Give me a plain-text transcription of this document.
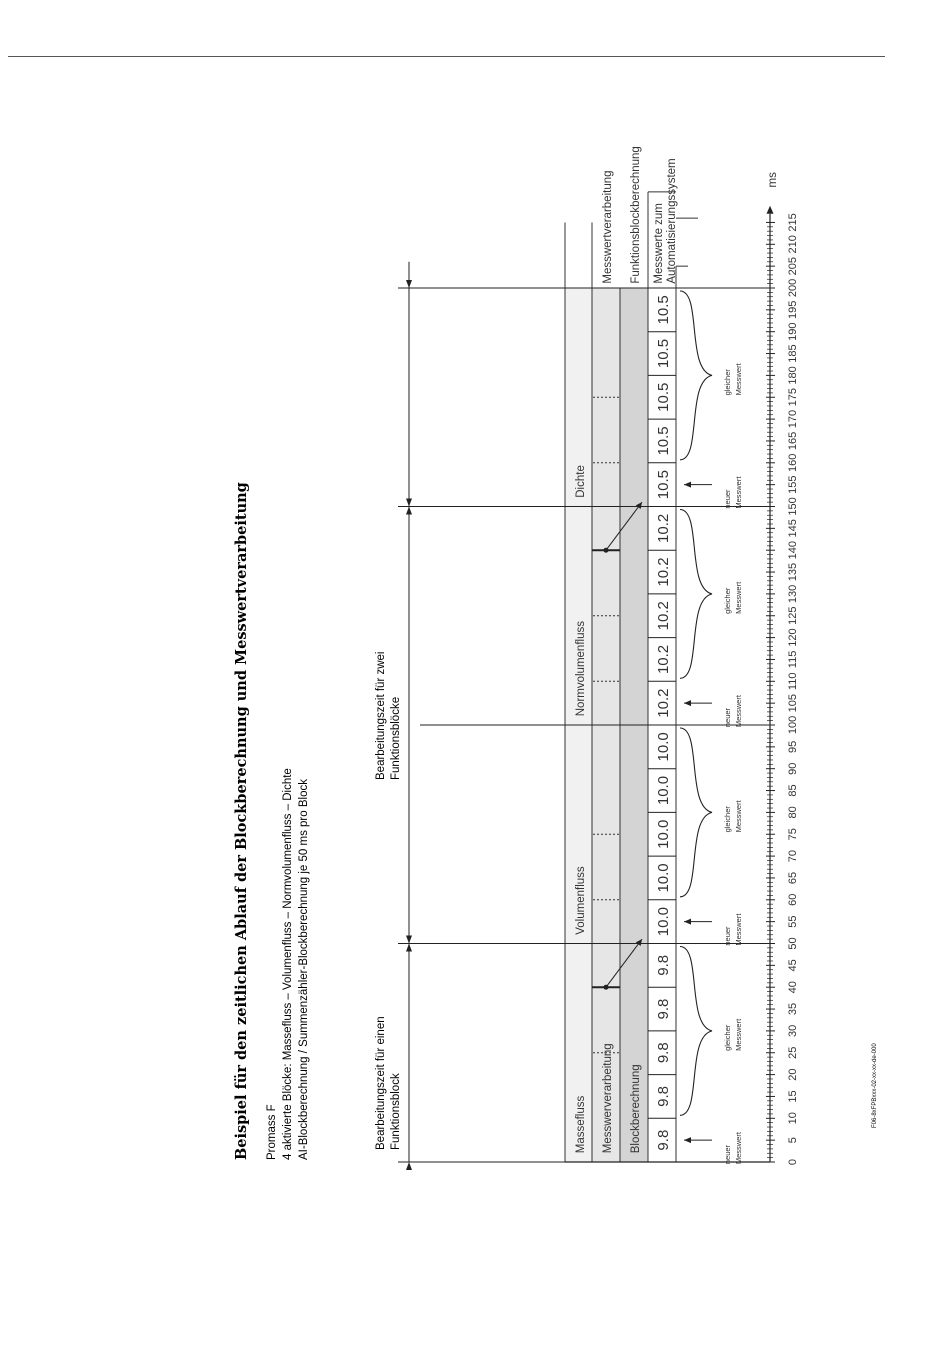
Massefluss
Volumenfluss
Normvolumenfluss
Dichte
Messwerverarbeitung Blockberechnung
Messwertverarbeitung Funktionsblockberechnung Messwerte zum Automatisierungssystem
9.8
9.8
9.8
9.8
9.8
10.0
10.0
10.0
10.0
10.0
10.2
10.2
10.2
10.2
10.2
10.5
10.5
10.5
10.5
10.5
neuer Messwert
neuer Messwert
neuer Messwert
neuer Messwert
gleicher Messwert
gleicher Messwert
gleicher Messwert
gleicher Messwert
0
5
10
15
20
25
30
35
40
45
50
55
60
65
70
75
80
85
90
95
100
105
110
115
120
125
130
135
140
145
150
155
160
165
170
175
180
185
190
195
200
205
210
215
ms
Beispiel für den zeitlichen Ablauf der Blockberechnung und Messwertverarbeitung Promass F 4 aktivierte Blöcke: Massefluss – Volumenfluss – Normvolumenfluss – Dichte AI-Blockberechnung / Summenzähler-Blockberechnung je 50 ms pro Block	Bearbeitungszeit für einen Funktionsblock
Bearbeitungszeit für zwei Funktionsblöcke
F06-8xFPBxxx-02-xx-xx-de-000
